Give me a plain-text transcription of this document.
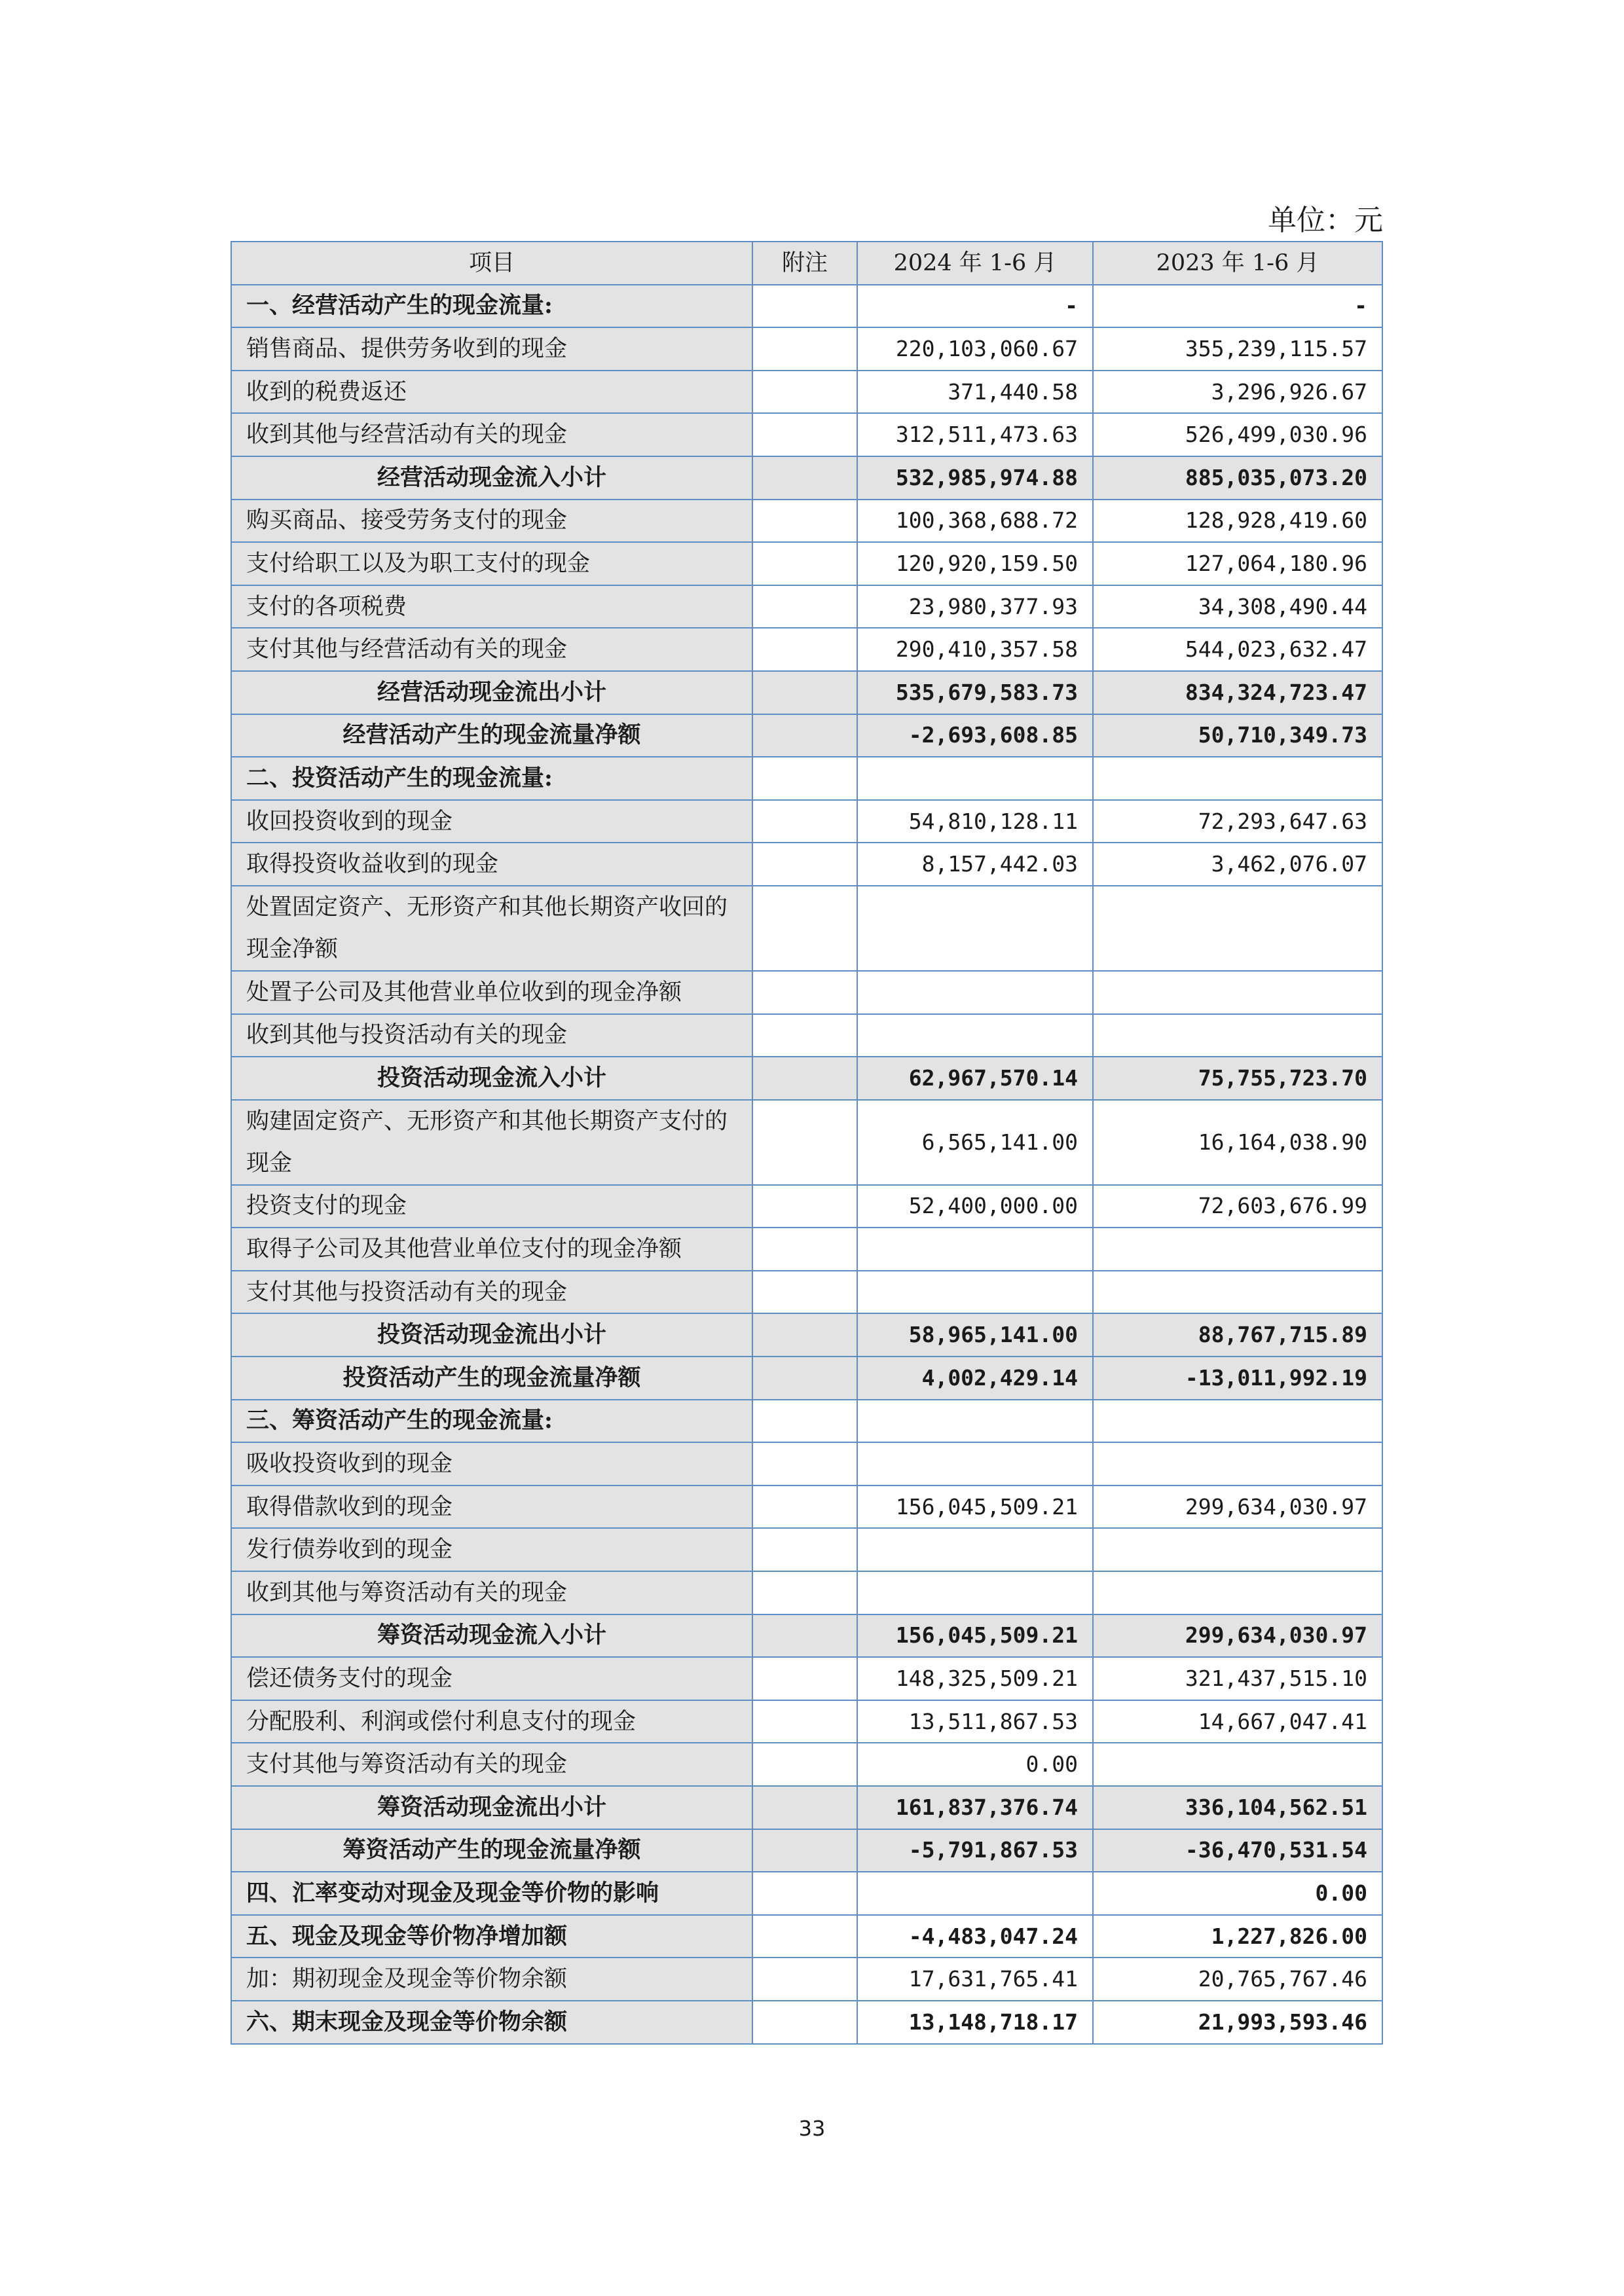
单位：元
项目	附注	2024 年 1-6 月	2023 年 1-6 月
一、经营活动产生的现金流量:		-	-
销售商品、提供劳务收到的现金		220,103,060.67	355,239,115.57
收到的税费返还		371,440.58	3,296,926.67
收到其他与经营活动有关的现金		312,511,473.63	526,499,030.96
经营活动现金流入小计		532,985,974.88	885,035,073.20
购买商品、接受劳务支付的现金		100,368,688.72	128,928,419.60
支付给职工以及为职工支付的现金		120,920,159.50	127,064,180.96
支付的各项税费		23,980,377.93	34,308,490.44
支付其他与经营活动有关的现金		290,410,357.58	544,023,632.47
经营活动现金流出小计		535,679,583.73	834,324,723.47
经营活动产生的现金流量净额		-2,693,608.85	50,710,349.73
二、投资活动产生的现金流量:			
收回投资收到的现金		54,810,128.11	72,293,647.63
取得投资收益收到的现金		8,157,442.03	3,462,076.07
处置固定资产、无形资产和其他长期资产收回的现金净额			
处置子公司及其他营业单位收到的现金净额			
收到其他与投资活动有关的现金			
投资活动现金流入小计		62,967,570.14	75,755,723.70
购建固定资产、无形资产和其他长期资产支付的现金		6,565,141.00	16,164,038.90
投资支付的现金		52,400,000.00	72,603,676.99
取得子公司及其他营业单位支付的现金净额			
支付其他与投资活动有关的现金			
投资活动现金流出小计		58,965,141.00	88,767,715.89
投资活动产生的现金流量净额		4,002,429.14	-13,011,992.19
三、筹资活动产生的现金流量:			
吸收投资收到的现金			
取得借款收到的现金		156,045,509.21	299,634,030.97
发行债券收到的现金			
收到其他与筹资活动有关的现金			
筹资活动现金流入小计		156,045,509.21	299,634,030.97
偿还债务支付的现金		148,325,509.21	321,437,515.10
分配股利、利润或偿付利息支付的现金		13,511,867.53	14,667,047.41
支付其他与筹资活动有关的现金		0.00	
筹资活动现金流出小计		161,837,376.74	336,104,562.51
筹资活动产生的现金流量净额		-5,791,867.53	-36,470,531.54
四、汇率变动对现金及现金等价物的影响			0.00
五、现金及现金等价物净增加额		-4,483,047.24	1,227,826.00
加：期初现金及现金等价物余额		17,631,765.41	20,765,767.46
六、期末现金及现金等价物余额		13,148,718.17	21,993,593.46
33
